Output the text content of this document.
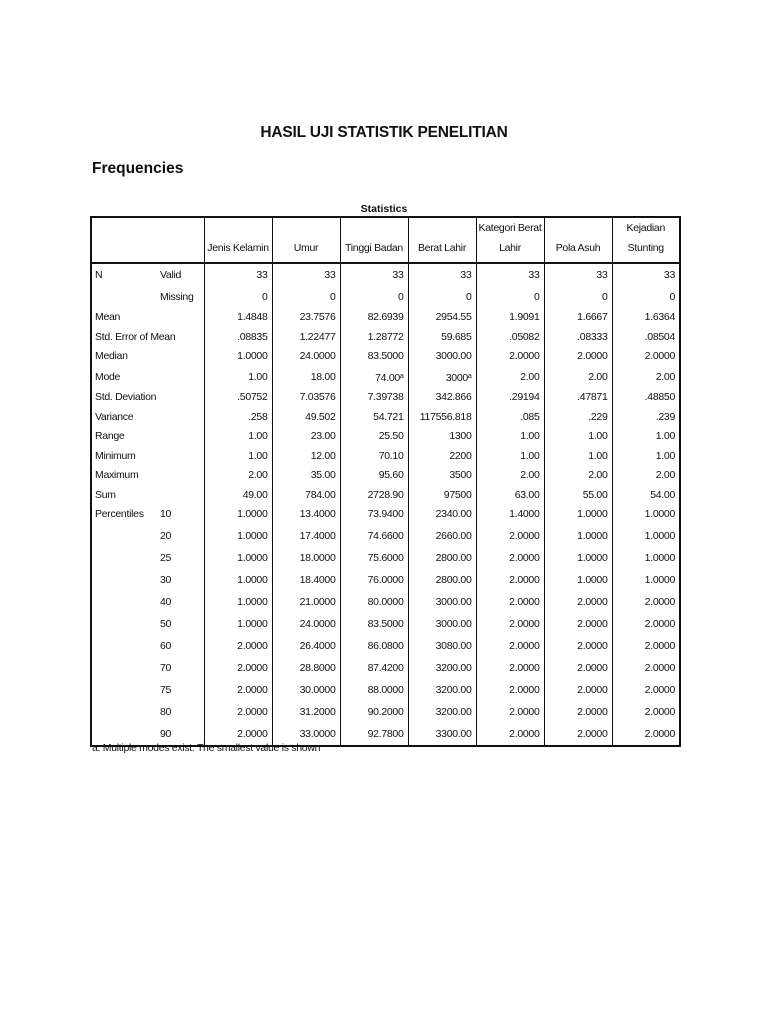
HASIL UJI STATISTIK PENELITIAN
Frequencies
Statistics
		Jenis Kelamin	Umur	Tinggi Badan	Berat Lahir	Kategori Berat Lahir	Pola Asuh	Kejadian Stunting
N	Valid	33	33	33	33	33	33	33
	Missing	0	0	0	0	0	0	0
Mean		1.4848	23.7576	82.6939	2954.55	1.9091	1.6667	1.6364
Std. Error of Mean		.08835	1.22477	1.28772	59.685	.05082	.08333	.08504
Median		1.0000	24.0000	83.5000	3000.00	2.0000	2.0000	2.0000
Mode		1.00	18.00	74.00$^a$	3000$^a$	2.00	2.00	2.00
Std. Deviation		.50752	7.03576	7.39738	342.866	.29194	.47871	.48850
Variance		.258	49.502	54.721	117556.818	.085	.229	.239
Range		1.00	23.00	25.50	1300	1.00	1.00	1.00
Minimum		1.00	12.00	70.10	2200	1.00	1.00	1.00
Maximum		2.00	35.00	95.60	3500	2.00	2.00	2.00
Sum		49.00	784.00	2728.90	97500	63.00	55.00	54.00
Percentiles	10	1.0000	13.4000	73.9400	2340.00	1.4000	1.0000	1.0000
	20	1.0000	17.4000	74.6600	2660.00	2.0000	1.0000	1.0000
	25	1.0000	18.0000	75.6000	2800.00	2.0000	1.0000	1.0000
	30	1.0000	18.4000	76.0000	2800.00	2.0000	1.0000	1.0000
	40	1.0000	21.0000	80.0000	3000.00	2.0000	2.0000	2.0000
	50	1.0000	24.0000	83.5000	3000.00	2.0000	2.0000	2.0000
	60	2.0000	26.4000	86.0800	3080.00	2.0000	2.0000	2.0000
	70	2.0000	28.8000	87.4200	3200.00	2.0000	2.0000	2.0000
	75	2.0000	30.0000	88.0000	3200.00	2.0000	2.0000	2.0000
	80	2.0000	31.2000	90.2000	3200.00	2.0000	2.0000	2.0000
	90	2.0000	33.0000	92.7800	3300.00	2.0000	2.0000	2.0000
a. Multiple modes exist. The smallest value is shown
